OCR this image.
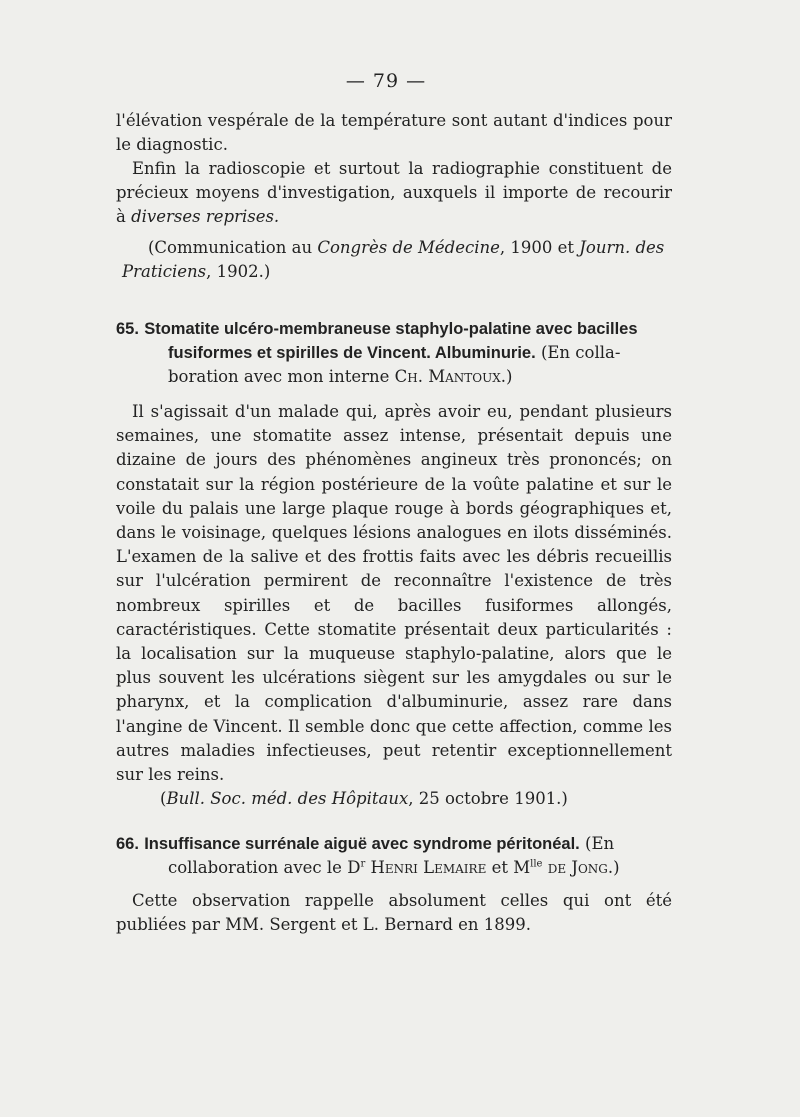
— 79 —
l'élévation vespérale de la température sont autant d'indices pour le diagnostic.
Enfin la radioscopie et surtout la radiographie constituent de précieux moyens d'investigation, auxquels il importe de recourir à diverses reprises.
(Communication au Congrès de Médecine, 1900 et Journ. des
Praticiens, 1902.)
65. Stomatite ulcéro-membraneuse staphylo-palatine avec bacilles
fusiformes et spirilles de Vincent. Albuminurie. (En colla-
boration avec mon interne Ch. Mantoux.)
Il s'agissait d'un malade qui, après avoir eu, pendant plusieurs semaines, une stomatite assez intense, présentait depuis une dizaine de jours des phénomènes angineux très prononcés; on constatait sur la région postérieure de la voûte palatine et sur le voile du palais une large plaque rouge à bords géographiques et, dans le voisinage, quelques lésions analogues en ilots disséminés. L'examen de la salive et des frottis faits avec les débris recueillis sur l'ulcération permirent de reconnaître l'existence de très nombreux spirilles et de bacilles fusiformes allongés, caractéristiques. Cette stomatite présentait deux particularités : la localisation sur la muqueuse staphylo-palatine, alors que le plus souvent les ulcérations siègent sur les amygdales ou sur le pharynx, et la complication d'albuminurie, assez rare dans l'angine de Vincent. Il semble donc que cette affection, comme les autres maladies infectieuses, peut retentir exceptionnellement sur les reins.
(Bull. Soc. méd. des Hôpitaux, 25 octobre 1901.)
66. Insuffisance surrénale aiguë avec syndrome péritonéal. (En
collaboration avec le $D^r$ Henri Lemaire et $M^{lle}$ de Jong.)
Cette observation rappelle absolument celles qui ont été publiées par MM. Sergent et L. Bernard en 1899.
